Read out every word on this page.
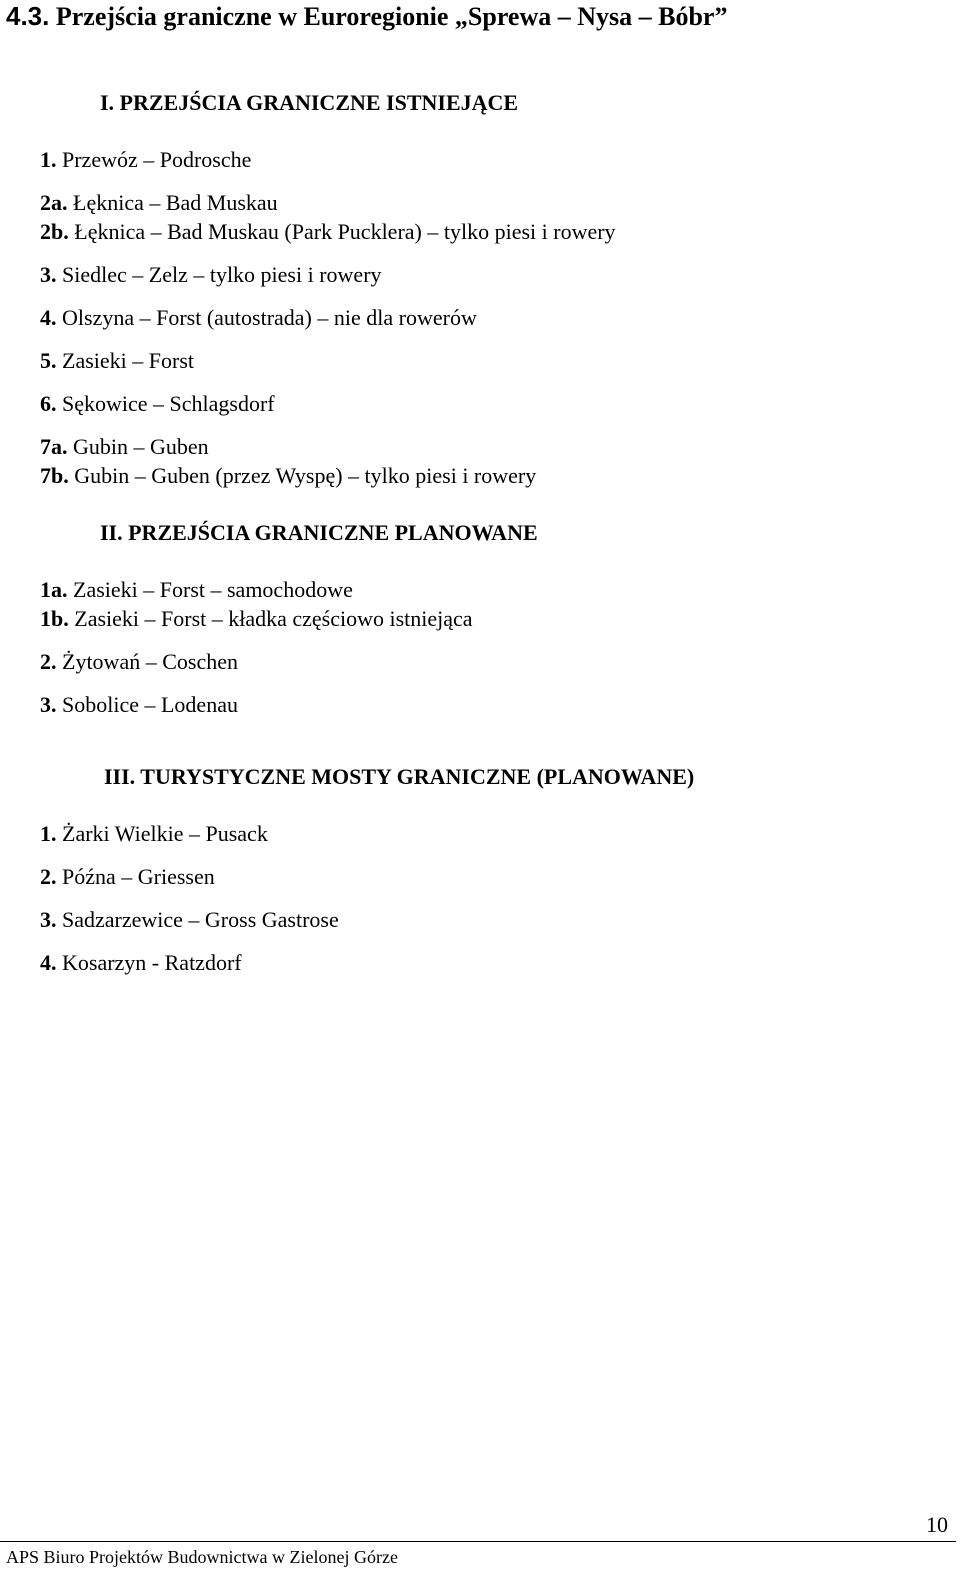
4.3. Przejścia graniczne w Euroregionie „Sprewa – Nysa – Bóbr”
I. PRZEJŚCIA GRANICZNE ISTNIEJĄCE
1. Przewóz – Podrosche
2a. Łęknica – Bad Muskau
2b. Łęknica – Bad Muskau (Park Pucklera) – tylko piesi i rowery
3. Siedlec – Zelz – tylko piesi i rowery
4. Olszyna – Forst (autostrada) – nie dla rowerów
5. Zasieki – Forst
6. Sękowice – Schlagsdorf
7a. Gubin – Guben
7b. Gubin – Guben (przez Wyspę) – tylko piesi i rowery
II. PRZEJŚCIA GRANICZNE PLANOWANE
1a. Zasieki – Forst – samochodowe
1b. Zasieki – Forst – kładka częściowo istniejąca
2. Żytowań – Coschen
3. Sobolice – Lodenau
III. TURYSTYCZNE MOSTY GRANICZNE (PLANOWANE)
1. Żarki Wielkie – Pusack
2. Późna – Griessen
3. Sadzarzewice – Gross Gastrose
4. Kosarzyn - Ratzdorf
10
APS Biuro Projektów Budownictwa w Zielonej Górze
